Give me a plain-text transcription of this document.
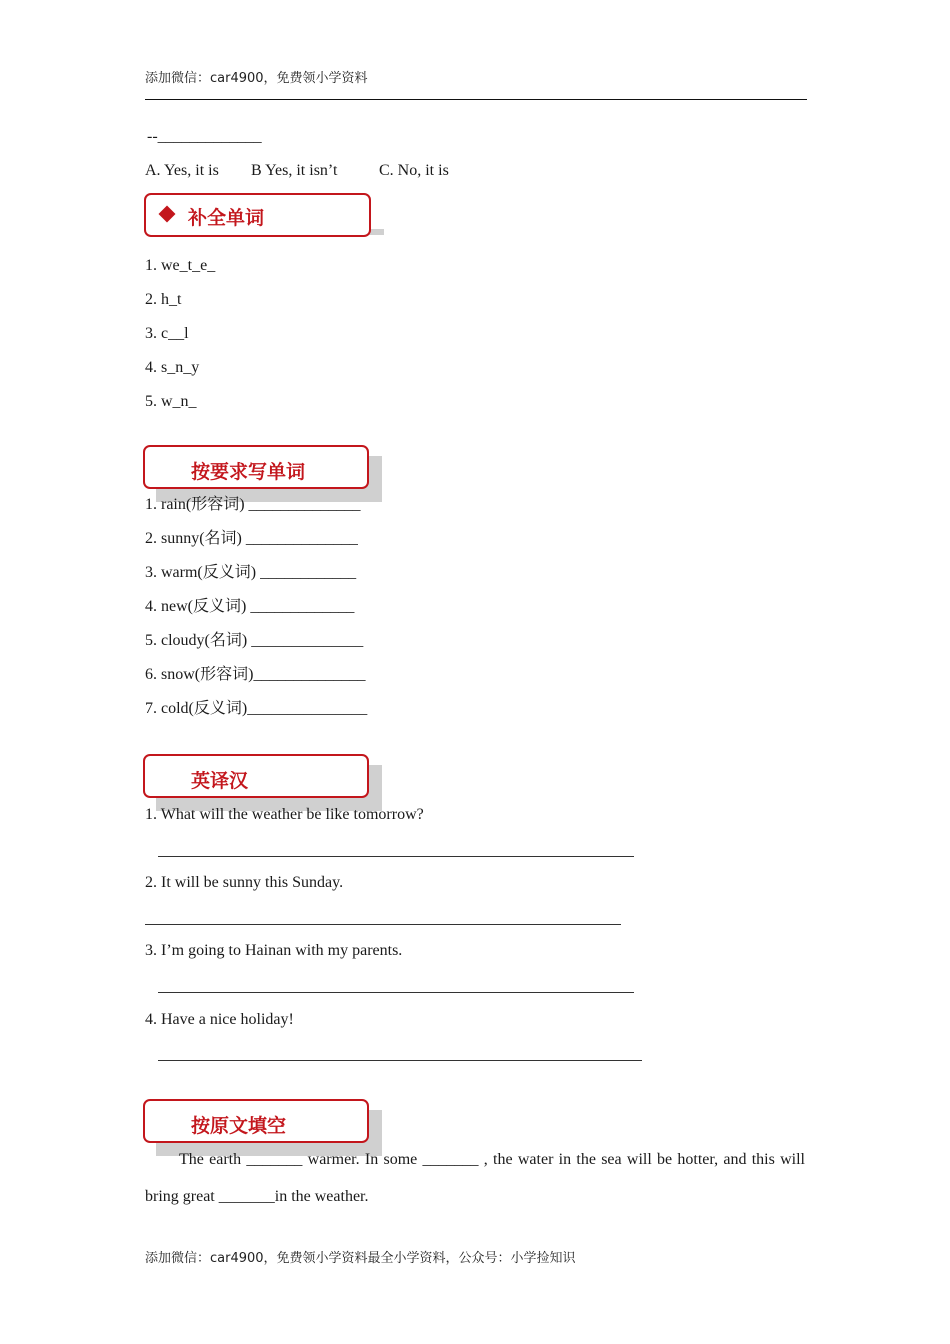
添加微信：car4900，免费领小学资料
--_____________
A. Yes, it is B Yes, it isn’t	C. No, it is
补全单词
1. we_t_e_
2. h_t
3. c__l
4. s_n_y
5. w_n_
按要求写单词
1. rain(形容词) ______________
2. sunny(名词) ______________
3. warm(反义词) ____________
4. new(反义词) _____________
5. cloudy(名词) ______________
6. snow(形容词)______________
7. cold(反义词)_______________
英译汉
1. What will the weather be like tomorrow?
2. It will be sunny this Sunday.
3. I’m going to Hainan with my parents.
4. Have a nice holiday!
按原文填空
The earth _______ warmer. In some _______ , the water in the sea will be hotter, and this will bring great _______in the weather.
添加微信：car4900，免费领小学资料最全小学资料，公众号：小学捡知识
